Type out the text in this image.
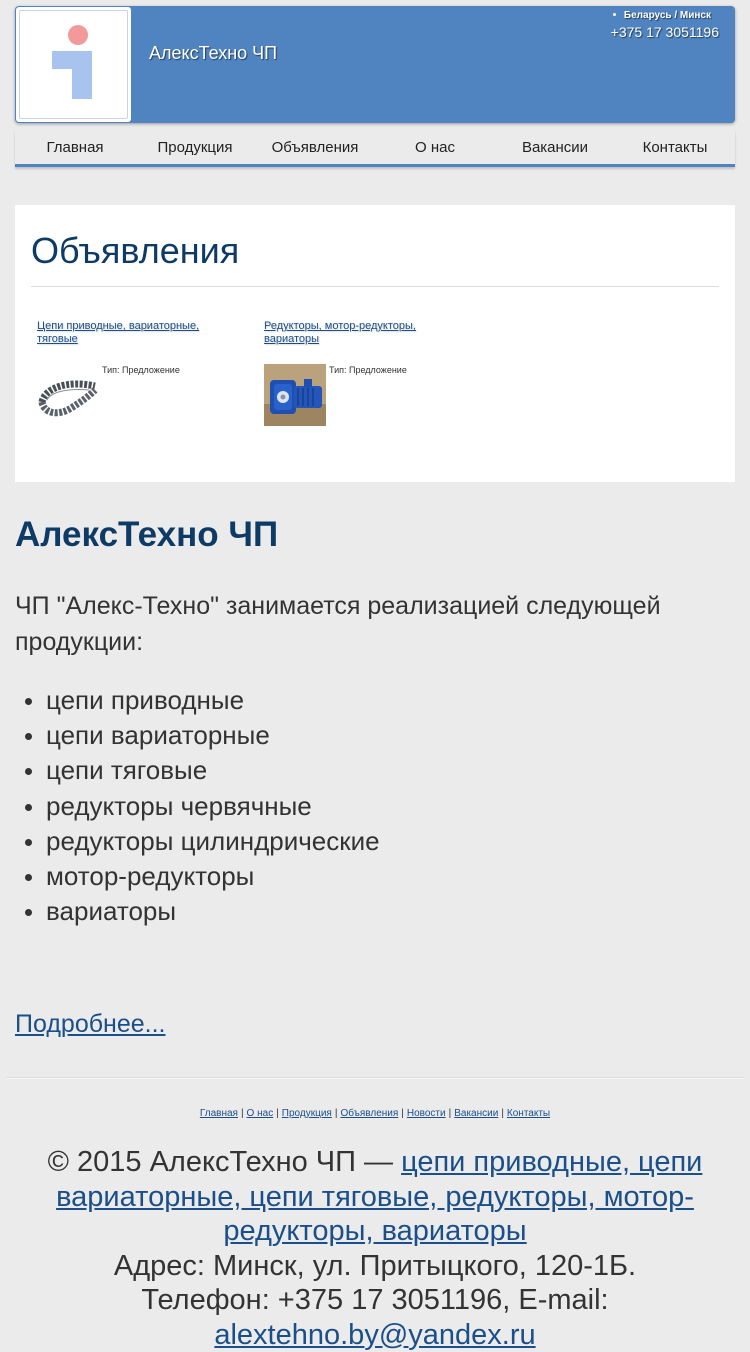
АлексТехно ЧП
Беларусь / Минск
+375 17 3051196
Главная	Продукция	Объявления	О нас	Вакансии	Контакты
Объявления
Цепи приводные, вариаторные, тяговые
Тип: Предложение
Редукторы, мотор-редукторы, вариаторы
Тип: Предложение
АлексТехно ЧП

ЧП "Алекс-Техно" занимается реализацией следующей продукции:

цепи приводные
цепи вариаторные
цепи тяговые
редукторы червячные
редукторы цилиндрические
мотор-редукторы
вариаторы
Подробнее...
Главная | О нас | Продукция | Объявления | Новости | Вакансии | Контакты
© 2015 АлексТехно ЧП — цепи приводные, цепи вариаторные, цепи тяговые, редукторы, мотор-редукторы, вариаторы
Адрес: Минск, ул. Притыцкого, 120-1Б.
Телефон: +375 17 3051196, E-mail:
alextehno.by@yandex.ru
